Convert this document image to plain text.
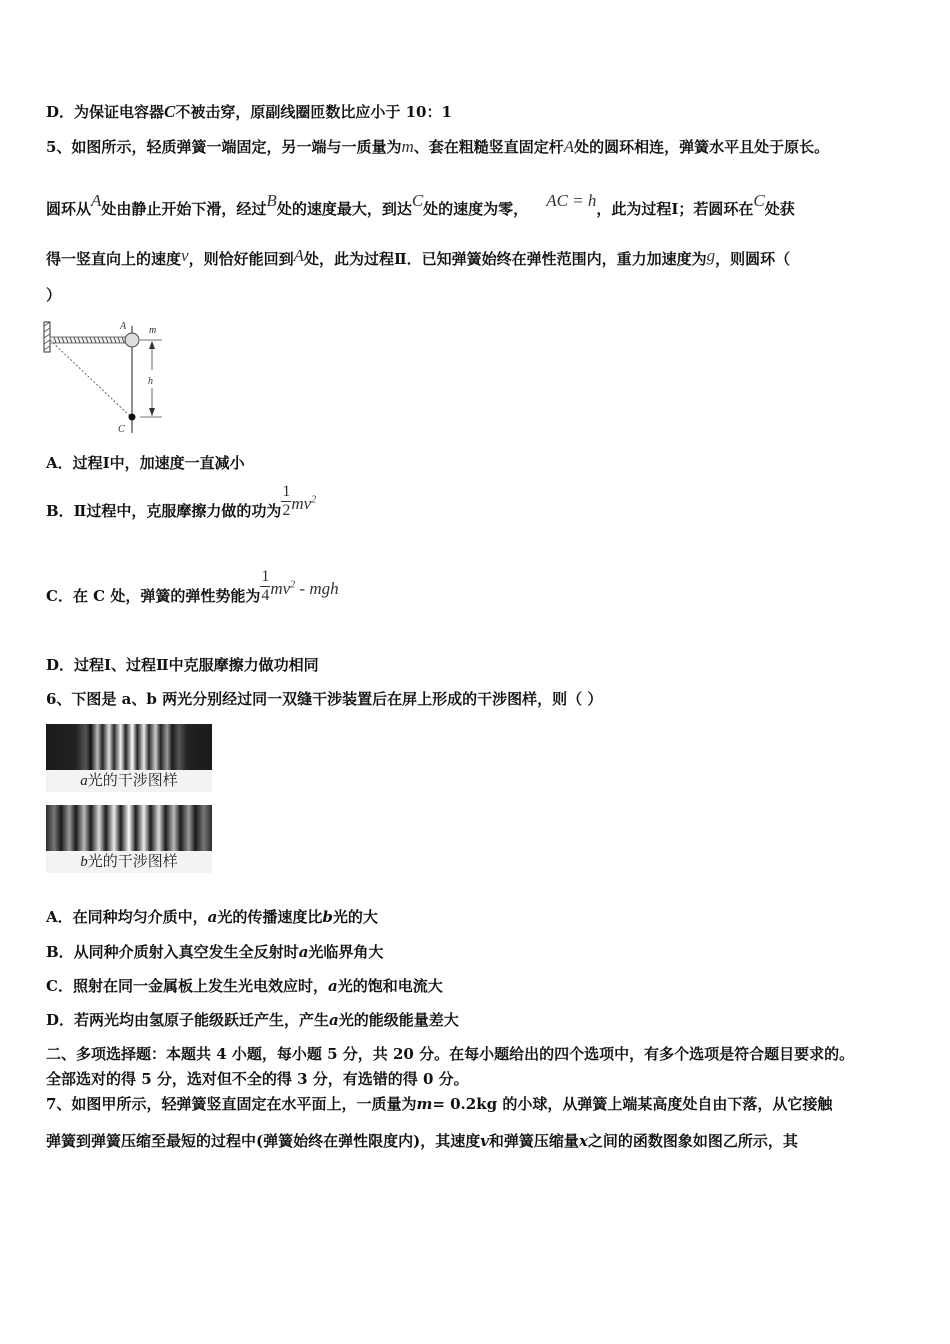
D．为保证电容器C不被击穿，原副线圈匝数比应小于 10：1
5、如图所示，轻质弹簧一端固定，另一端与一质量为m、套在粗糙竖直固定杆A处的圆环相连，弹簧水平且处于原长。
圆环从A处由静止开始下滑，经过B处的速度最大，到达C处的速度为零， AC = h，此为过程Ⅰ；若圆环在C处获
得一竖直向上的速度v，则恰好能回到A处，此为过程Ⅱ．已知弹簧始终在弹性范围内，重力加速度为g，则圆环（
）
A m
h
C
A．过程Ⅰ中，加速度一直减小
B．Ⅱ过程中，克服摩擦力做的功为 $\frac{1}{2} mv^2$
C．在 C 处，弹簧的弹性势能为 $\frac{1}{4} mv^2$ - mgh
D．过程Ⅰ、过程Ⅱ中克服摩擦力做功相同
6、下图是 a、b 两光分别经过同一双缝干涉装置后在屏上形成的干涉图样，则（ ）
a光的干涉图样
b光的干涉图样
A．在同种均匀介质中，a光的传播速度比b光的大
B．从同种介质射入真空发生全反射时a光临界角大
C．照射在同一金属板上发生光电效应时，a光的饱和电流大
D．若两光均由氢原子能级跃迁产生，产生a光的能级能量差大
二、多项选择题：本题共 4 小题，每小题 5 分，共 20 分。在每小题给出的四个选项中，有多个选项是符合题目要求的。
全部选对的得 5 分，选对但不全的得 3 分，有选错的得 0 分。
7、如图甲所示，轻弹簧竖直固定在水平面上，一质量为m= 0.2kg 的小球，从弹簧上端某高度处自由下落，从它接触
弹簧到弹簧压缩至最短的过程中(弹簧始终在弹性限度内)，其速度v和弹簧压缩量x之间的函数图象如图乙所示，其
